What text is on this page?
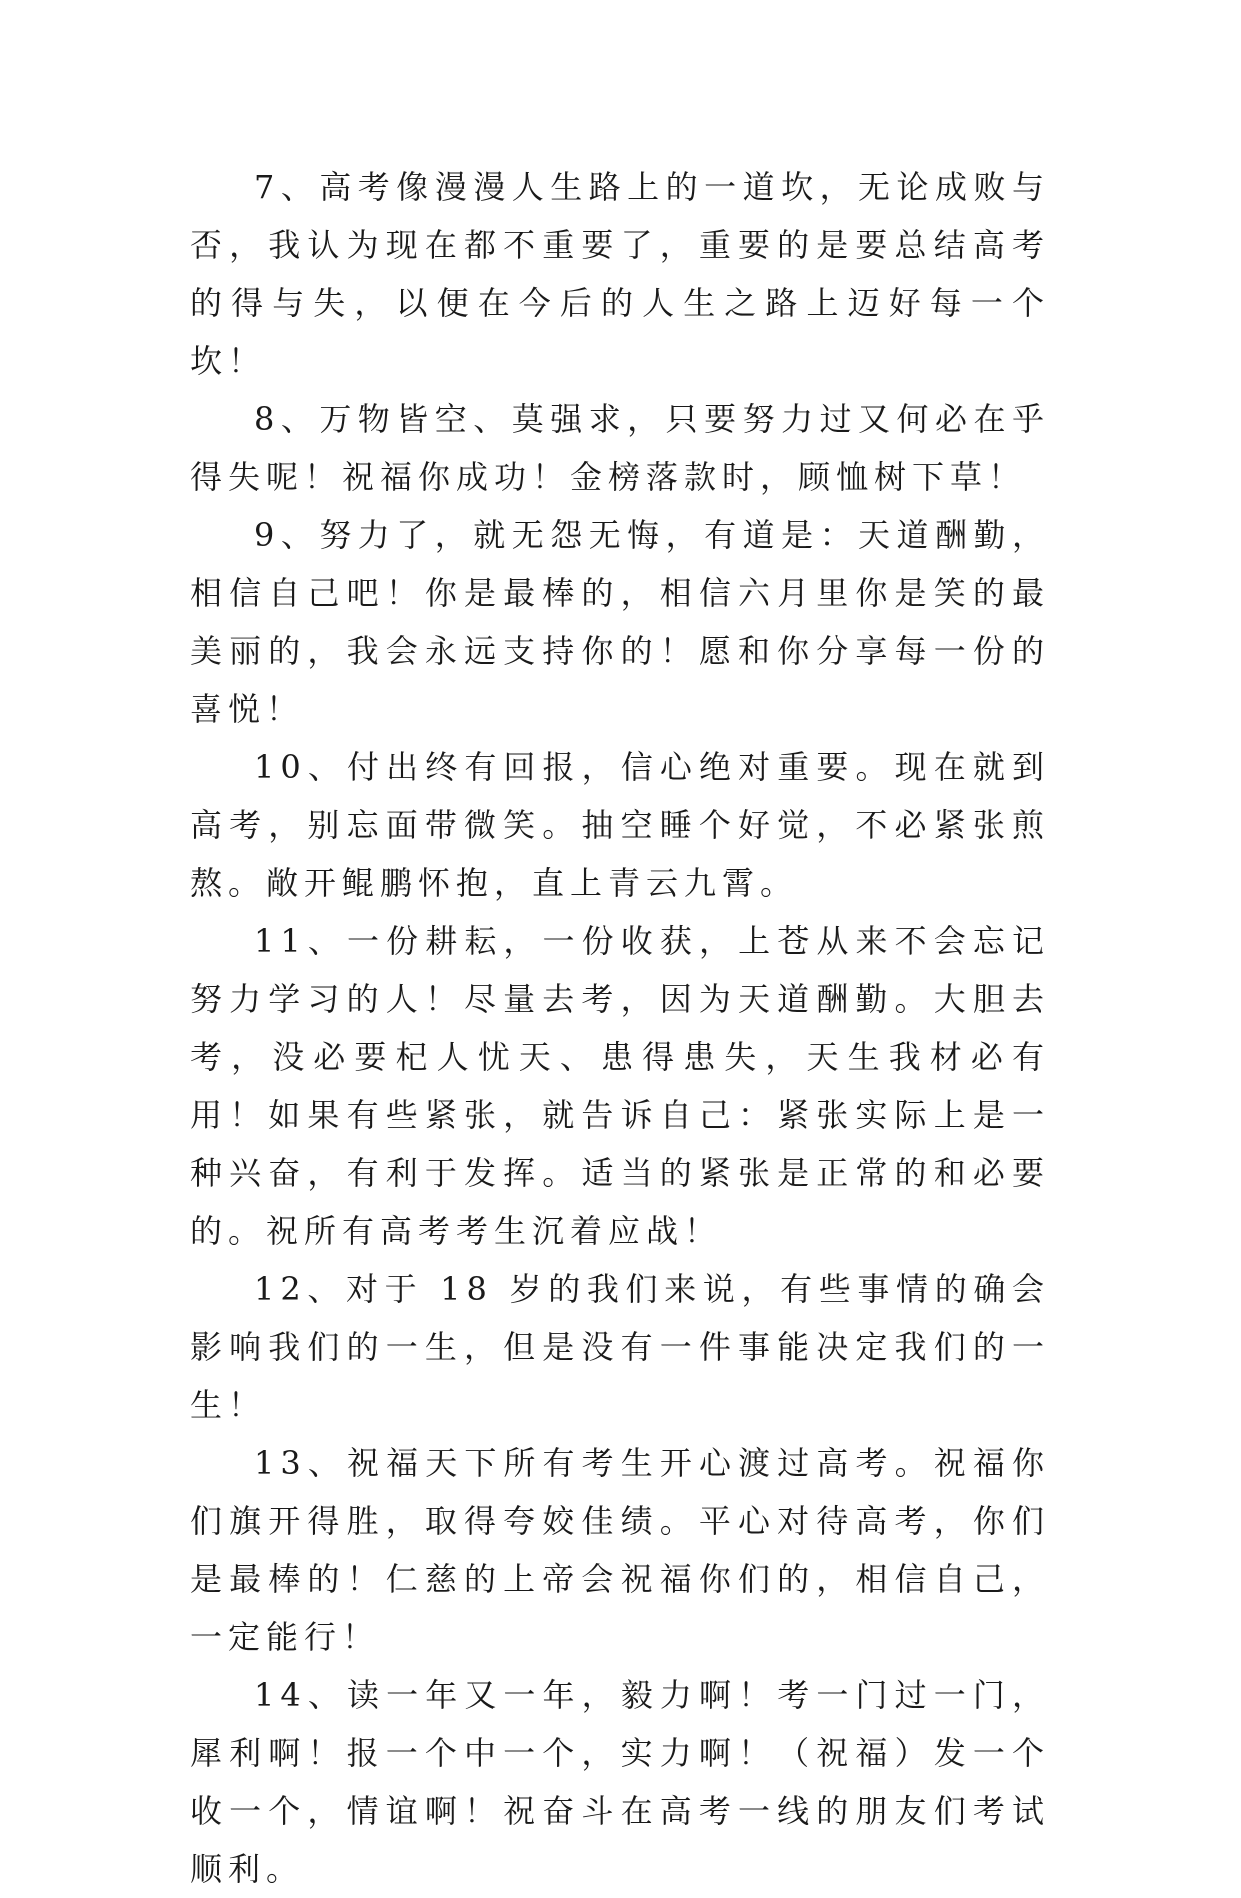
7、高考像漫漫人生路上的一道坎，无论成败与否，我认为现在都不重要了，重要的是要总结高考的得与失，以便在今后的人生之路上迈好每一个坎！

8、万物皆空、莫强求，只要努力过又何必在乎得失呢！祝福你成功！金榜落款时，顾恤树下草！

9、努力了，就无怨无悔，有道是：天道酬勤，相信自己吧！你是最棒的，相信六月里你是笑的最美丽的，我会永远支持你的！愿和你分享每一份的喜悦！

10、付出终有回报，信心绝对重要。现在就到高考，别忘面带微笑。抽空睡个好觉，不必紧张煎熬。敞开鲲鹏怀抱，直上青云九霄。

11、一份耕耘，一份收获，上苍从来不会忘记努力学习的人！尽量去考，因为天道酬勤。大胆去考，没必要杞人忧天、患得患失，天生我材必有用！如果有些紧张，就告诉自己：紧张实际上是一种兴奋，有利于发挥。适当的紧张是正常的和必要的。祝所有高考考生沉着应战！

12、对于 18 岁的我们来说，有些事情的确会影响我们的一生，但是没有一件事能决定我们的一生！

13、祝福天下所有考生开心渡过高考。祝福你们旗开得胜，取得夸姣佳绩。平心对待高考，你们是最棒的！仁慈的上帝会祝福你们的，相信自己，一定能行！

14、读一年又一年，毅力啊！考一门过一门，犀利啊！报一个中一个，实力啊！（祝福）发一个收一个，情谊啊！祝奋斗在高考一线的朋友们考试顺利。
